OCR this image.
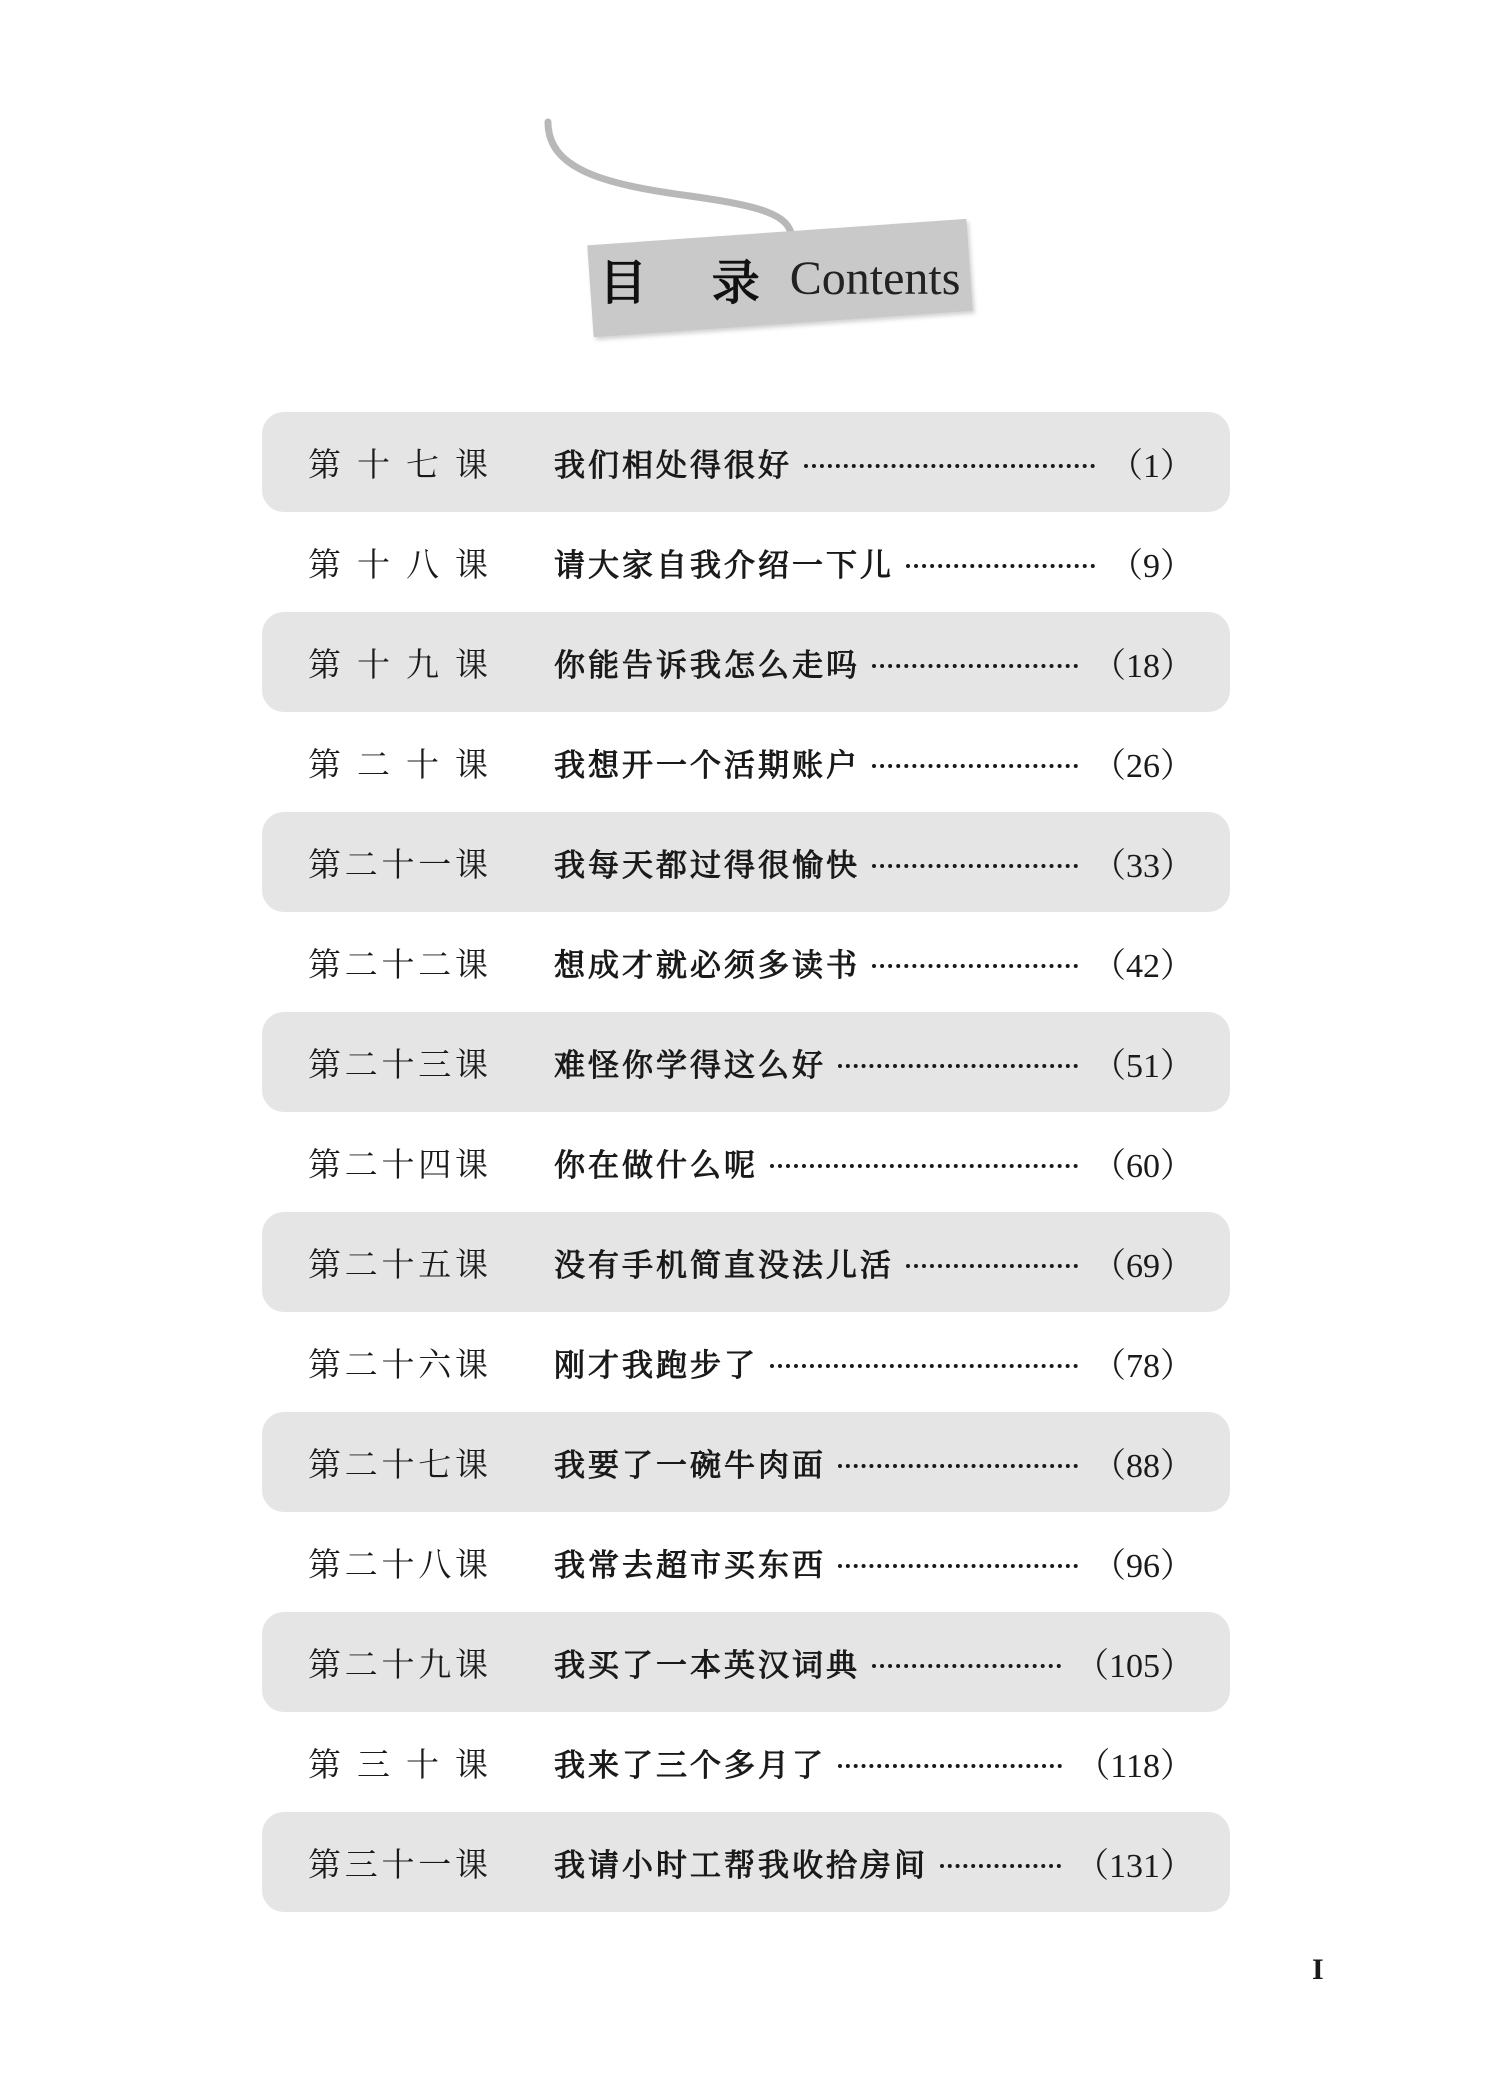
目 录 Contents
第十七课	我们相处得很好	（1）
第十八课	请大家自我介绍一下儿	（9）
第十九课	你能告诉我怎么走吗	（18）
第二十课	我想开一个活期账户	（26）
第二十一课	我每天都过得很愉快	（33）
第二十二课	想成才就必须多读书	（42）
第二十三课	难怪你学得这么好	（51）
第二十四课	你在做什么呢	（60）
第二十五课	没有手机简直没法儿活	（69）
第二十六课	刚才我跑步了	（78）
第二十七课	我要了一碗牛肉面	（88）
第二十八课	我常去超市买东西	（96）
第二十九课	我买了一本英汉词典	（105）
第三十课	我来了三个多月了	（118）
第三十一课	我请小时工帮我收拾房间	（131）
I
